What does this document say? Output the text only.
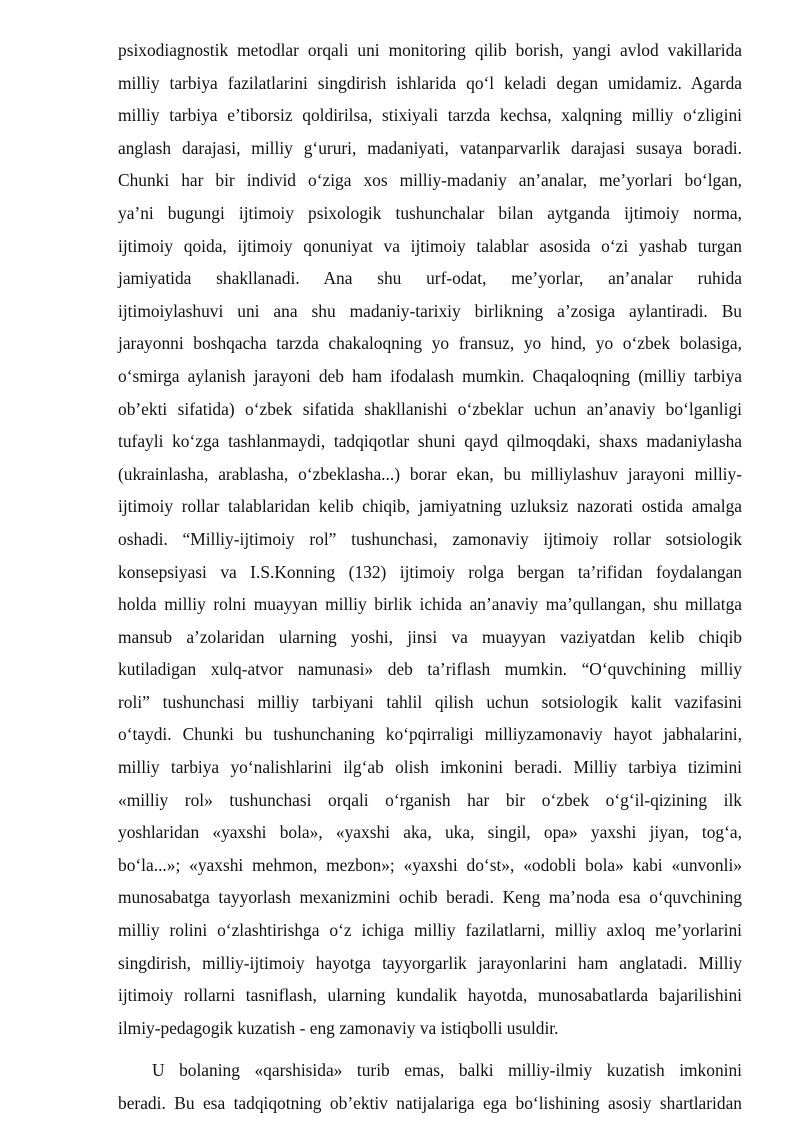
psixodiagnostik metodlar orqali uni monitoring qilib borish, yangi avlod vakillarida
milliy tarbiya fazilatlarini singdirish ishlarida qo‘l keladi degan umidamiz. Agarda
milliy tarbiya e’tiborsiz qoldirilsa, stixiyali tarzda kechsa, xalqning milliy o‘zligini
anglash darajasi, milliy g‘ururi, madaniyati, vatanparvarlik darajasi susaya boradi.
Chunki har bir individ o‘ziga xos milliy-madaniy an’analar, me’yorlari bo‘lgan,
ya’ni bugungi ijtimoiy psixologik tushunchalar bilan aytganda ijtimoiy norma,
ijtimoiy qoida, ijtimoiy qonuniyat va ijtimoiy talablar asosida o‘zi yashab turgan
jamiyatida shakllanadi. Ana shu urf-odat, me’yorlar, an’analar ruhida
ijtimoiylashuvi uni ana shu madaniy-tarixiy birlikning a’zosiga aylantiradi. Bu
jarayonni boshqacha tarzda chakaloqning yo fransuz, yo hind, yo o‘zbek bolasiga,
o‘smirga aylanish jarayoni deb ham ifodalash mumkin. Chaqaloqning (milliy tarbiya
ob’ekti sifatida) o‘zbek sifatida shakllanishi o‘zbeklar uchun an’anaviy bo‘lganligi
tufayli ko‘zga tashlanmaydi, tadqiqotlar shuni qayd qilmoqdaki, shaxs madaniylasha
(ukrainlasha, arablasha, o‘zbeklasha...) borar ekan, bu milliylashuv jarayoni milliy-
ijtimoiy rollar talablaridan kelib chiqib, jamiyatning uzluksiz nazorati ostida amalga
oshadi. “Milliy-ijtimoiy rol” tushunchasi, zamonaviy ijtimoiy rollar sotsiologik
konsepsiyasi va I.S.Konning (132) ijtimoiy rolga bergan ta’rifidan foydalangan
holda milliy rolni muayyan milliy birlik ichida an’anaviy ma’qullangan, shu millatga
mansub a’zolaridan ularning yoshi, jinsi va muayyan vaziyatdan kelib chiqib
kutiladigan xulq-atvor namunasi» deb ta’riflash mumkin. “O‘quvchining milliy
roli” tushunchasi milliy tarbiyani tahlil qilish uchun sotsiologik kalit vazifasini
o‘taydi. Chunki bu tushunchaning ko‘pqirraligi milliyzamonaviy hayot jabhalarini,
milliy tarbiya yo‘nalishlarini ilg‘ab olish imkonini beradi. Milliy tarbiya tizimini
«milliy rol» tushunchasi orqali o‘rganish har bir o‘zbek o‘g‘il-qizining ilk
yoshlaridan «yaxshi bola», «yaxshi aka, uka, singil, opa» yaxshi jiyan, tog‘a,
bo‘la...»; «yaxshi mehmon, mezbon»; «yaxshi do‘st», «odobli bola» kabi «unvonli»
munosabatga tayyorlash mexanizmini ochib beradi. Keng ma’noda esa o‘quvchining
milliy rolini o‘zlashtirishga o‘z ichiga milliy fazilatlarni, milliy axloq me’yorlarini
singdirish, milliy-ijtimoiy hayotga tayyorgarlik jarayonlarini ham anglatadi. Milliy
ijtimoiy rollarni tasniflash, ularning kundalik hayotda, munosabatlarda bajarilishini
ilmiy-pedagogik kuzatish - eng zamonaviy va istiqbolli usuldir.
U bolaning «qarshisida» turib emas, balki milliy-ilmiy kuzatish imkonini
beradi. Bu esa tadqiqotning ob’ektiv natijalariga ega bo‘lishining asosiy shartlaridan
